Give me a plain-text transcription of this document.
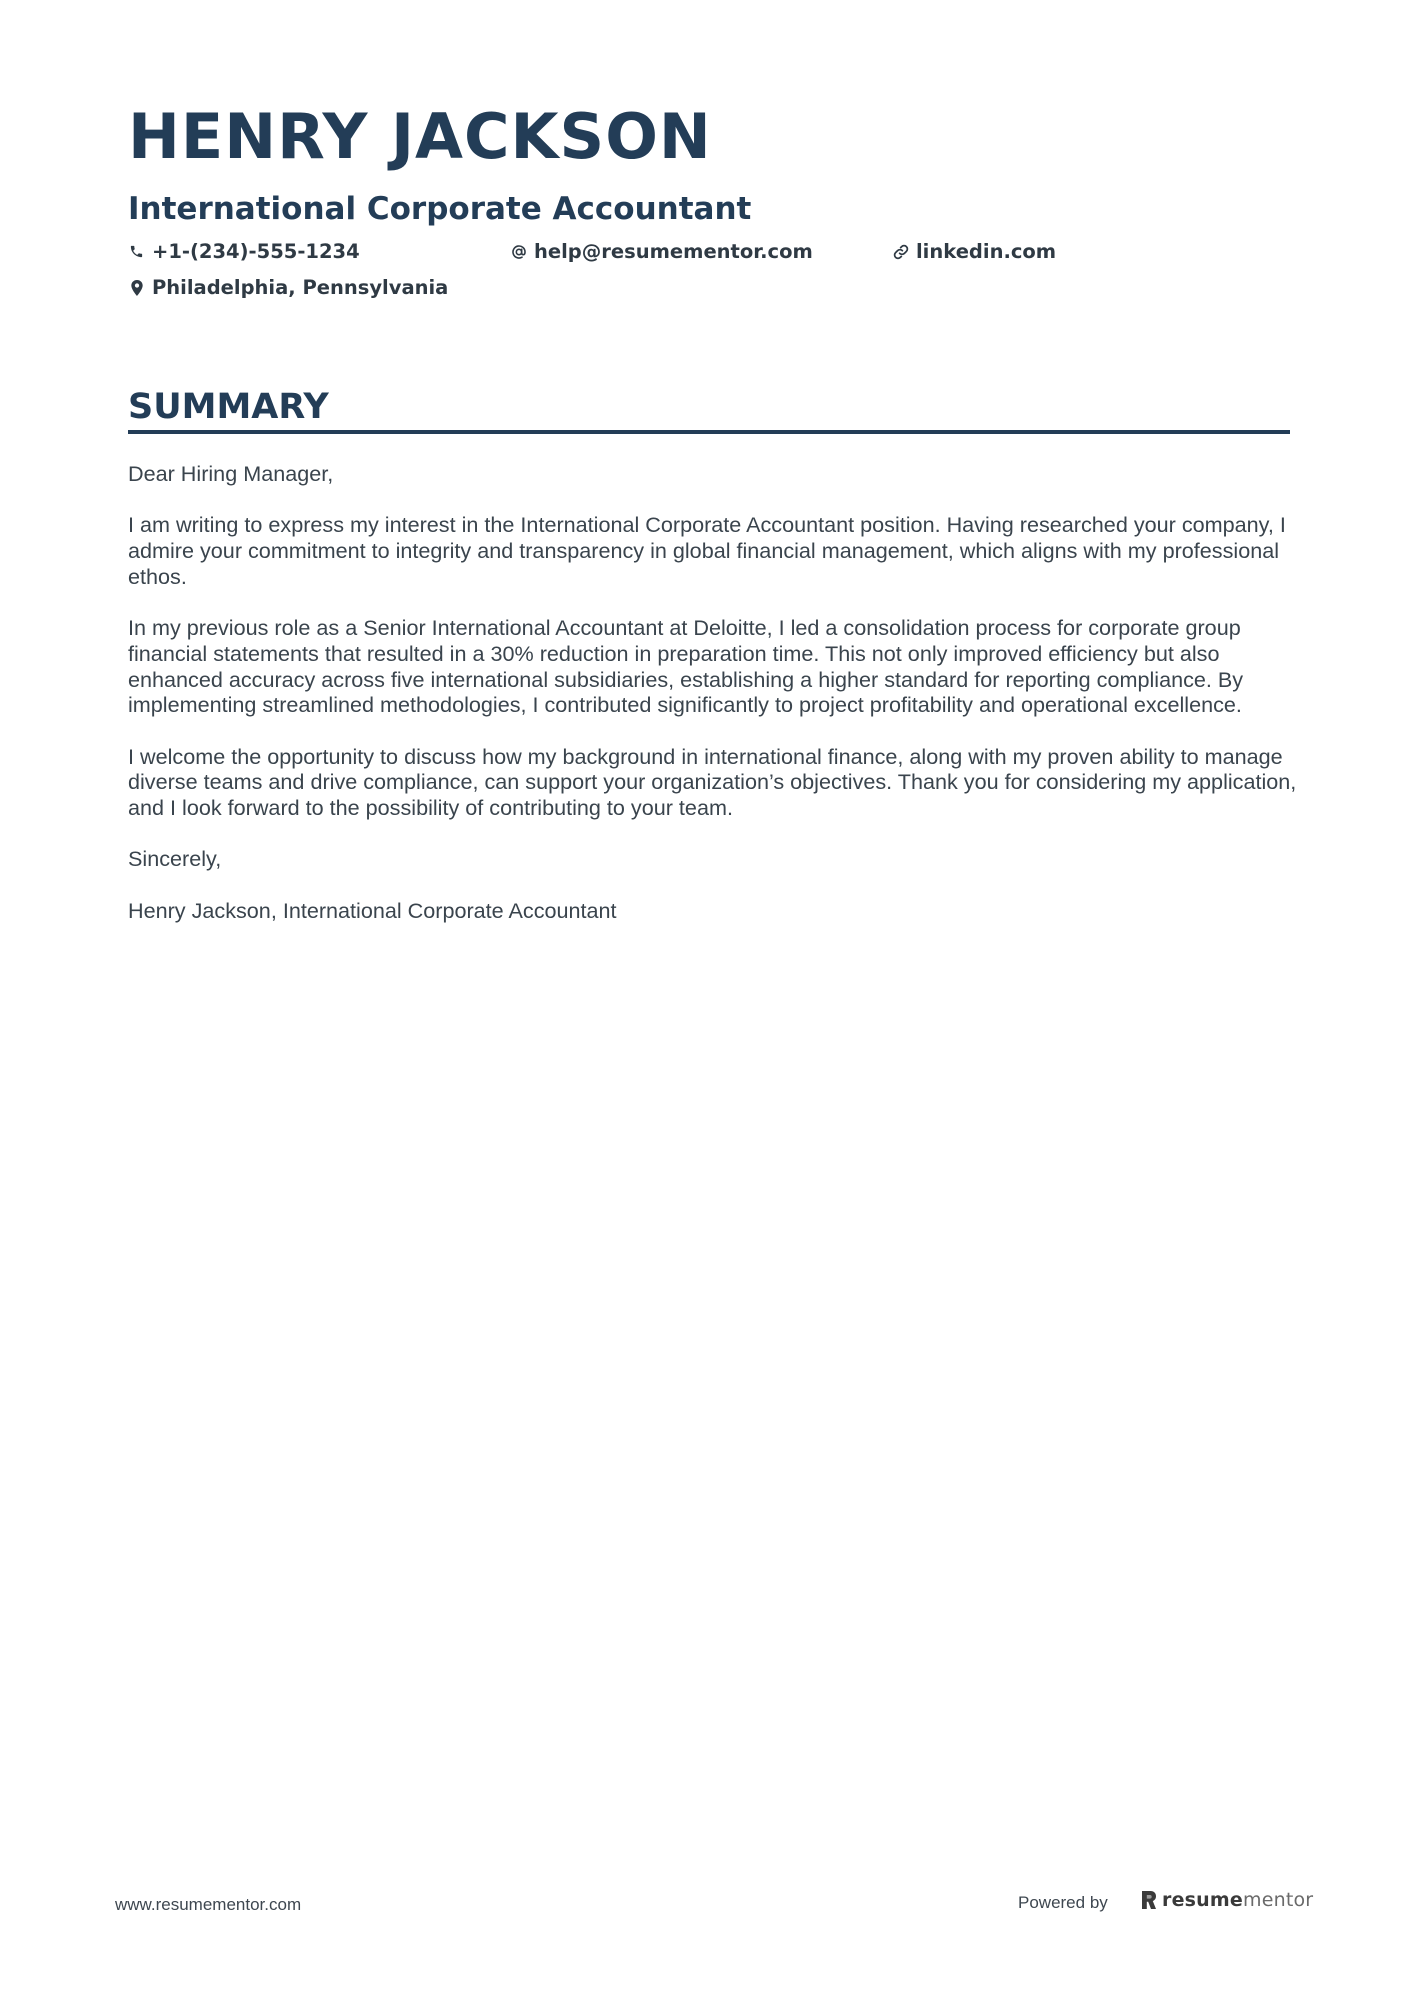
HENRY JACKSON
International Corporate Accountant
+1-(234)-555-1234	help@resumementor.com	linkedin.com
Philadelphia, Pennsylvania
SUMMARY

Dear Hiring Manager,

I am writing to express my interest in the International Corporate Accountant position. Having researched your company, I admire your commitment to integrity and transparency in global financial management, which aligns with my professional ethos.

In my previous role as a Senior International Accountant at Deloitte, I led a consolidation process for corporate group financial statements that resulted in a 30% reduction in preparation time. This not only improved efficiency but also enhanced accuracy across five international subsidiaries, establishing a higher standard for reporting compliance. By implementing streamlined methodologies, I contributed significantly to project profitability and operational excellence.

I welcome the opportunity to discuss how my background in international finance, along with my proven ability to manage diverse teams and drive compliance, can support your organization’s objectives. Thank you for considering my application, and I look forward to the possibility of contributing to your team.

Sincerely,

Henry Jackson, International Corporate Accountant

www.resumementor.com	Powered by	resumementor
